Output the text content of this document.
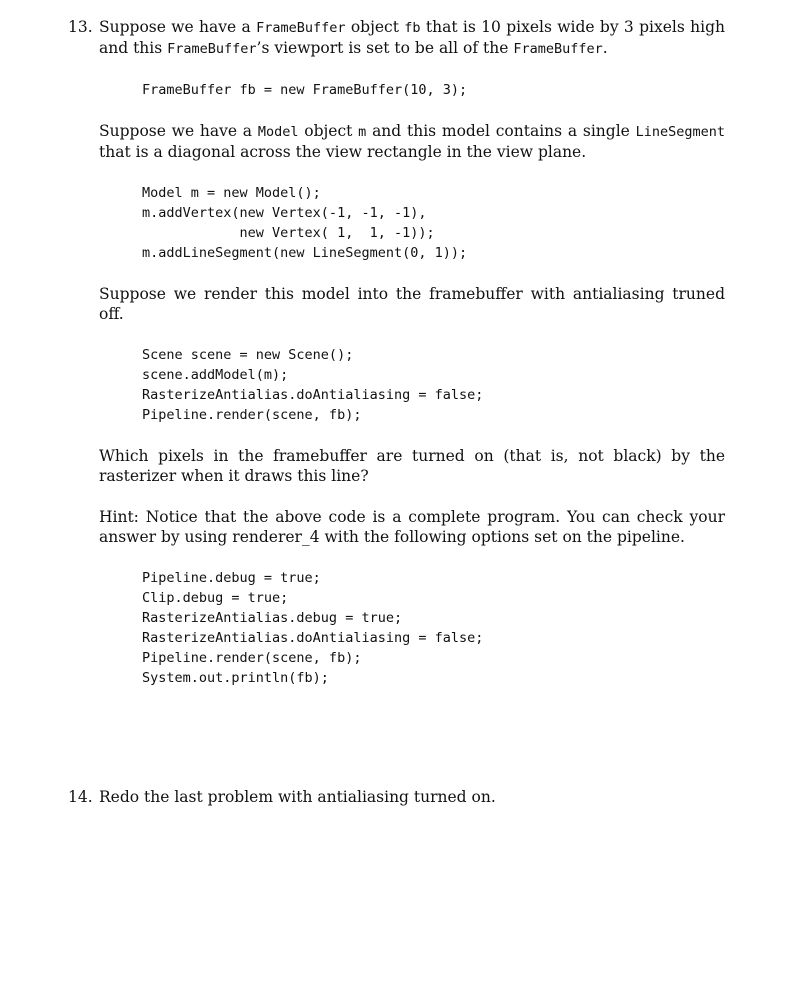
13. Suppose we have a FrameBuffer object fb that is 10 pixels wide by 3 pixels high and this FrameBuffer’s viewport is set to be all of the FrameBuffer.

FrameBuffer fb = new FrameBuffer(10, 3);

Suppose we have a Model object m and this model contains a single LineSegment that is a diagonal across the view rectangle in the view plane.

Model m = new Model();
m.addVertex(new Vertex(-1, -1, -1),
new Vertex( 1,  1, -1));
m.addLineSegment(new LineSegment(0, 1));

Suppose we render this model into the framebuffer with antialiasing truned off.

Scene scene = new Scene();
scene.addModel(m);
RasterizeAntialias.doAntialiasing = false;
Pipeline.render(scene, fb);

Which pixels in the framebuffer are turned on (that is, not black) by the rasterizer when it draws this line?

Hint: Notice that the above code is a complete program. You can check your answer by using renderer_4 with the following options set on the pipeline.

Pipeline.debug = true;
Clip.debug = true;
RasterizeAntialias.debug = true;
RasterizeAntialias.doAntialiasing = false;
Pipeline.render(scene, fb);
System.out.println(fb);
14. Redo the last problem with antialiasing turned on.
